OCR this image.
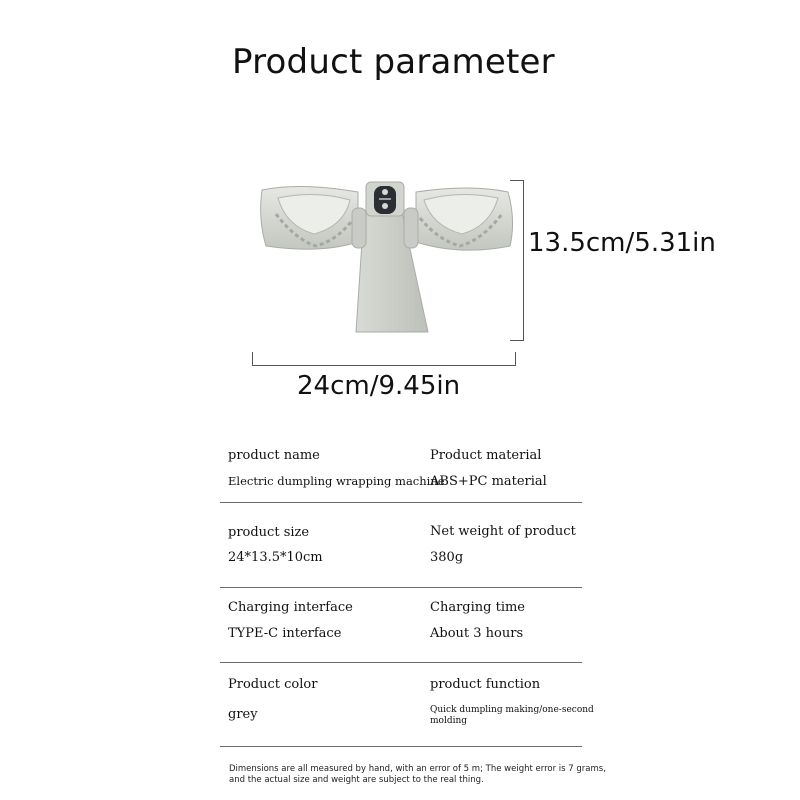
Product parameter
24cm/9.45in
13.5cm/5.31in
product name
Electric dumpling wrapping machine
Product material
ABS+PC material
product size
24*13.5*10cm
Net weight of product
380g
Charging interface
TYPE-C interface
Charging time
About 3 hours
Product color
grey
product function
Quick dumpling making/one-second molding
Dimensions are all measured by hand, with an error of 5 m; The weight error is 7 grams, and the actual size and weight are subject to the real thing.
